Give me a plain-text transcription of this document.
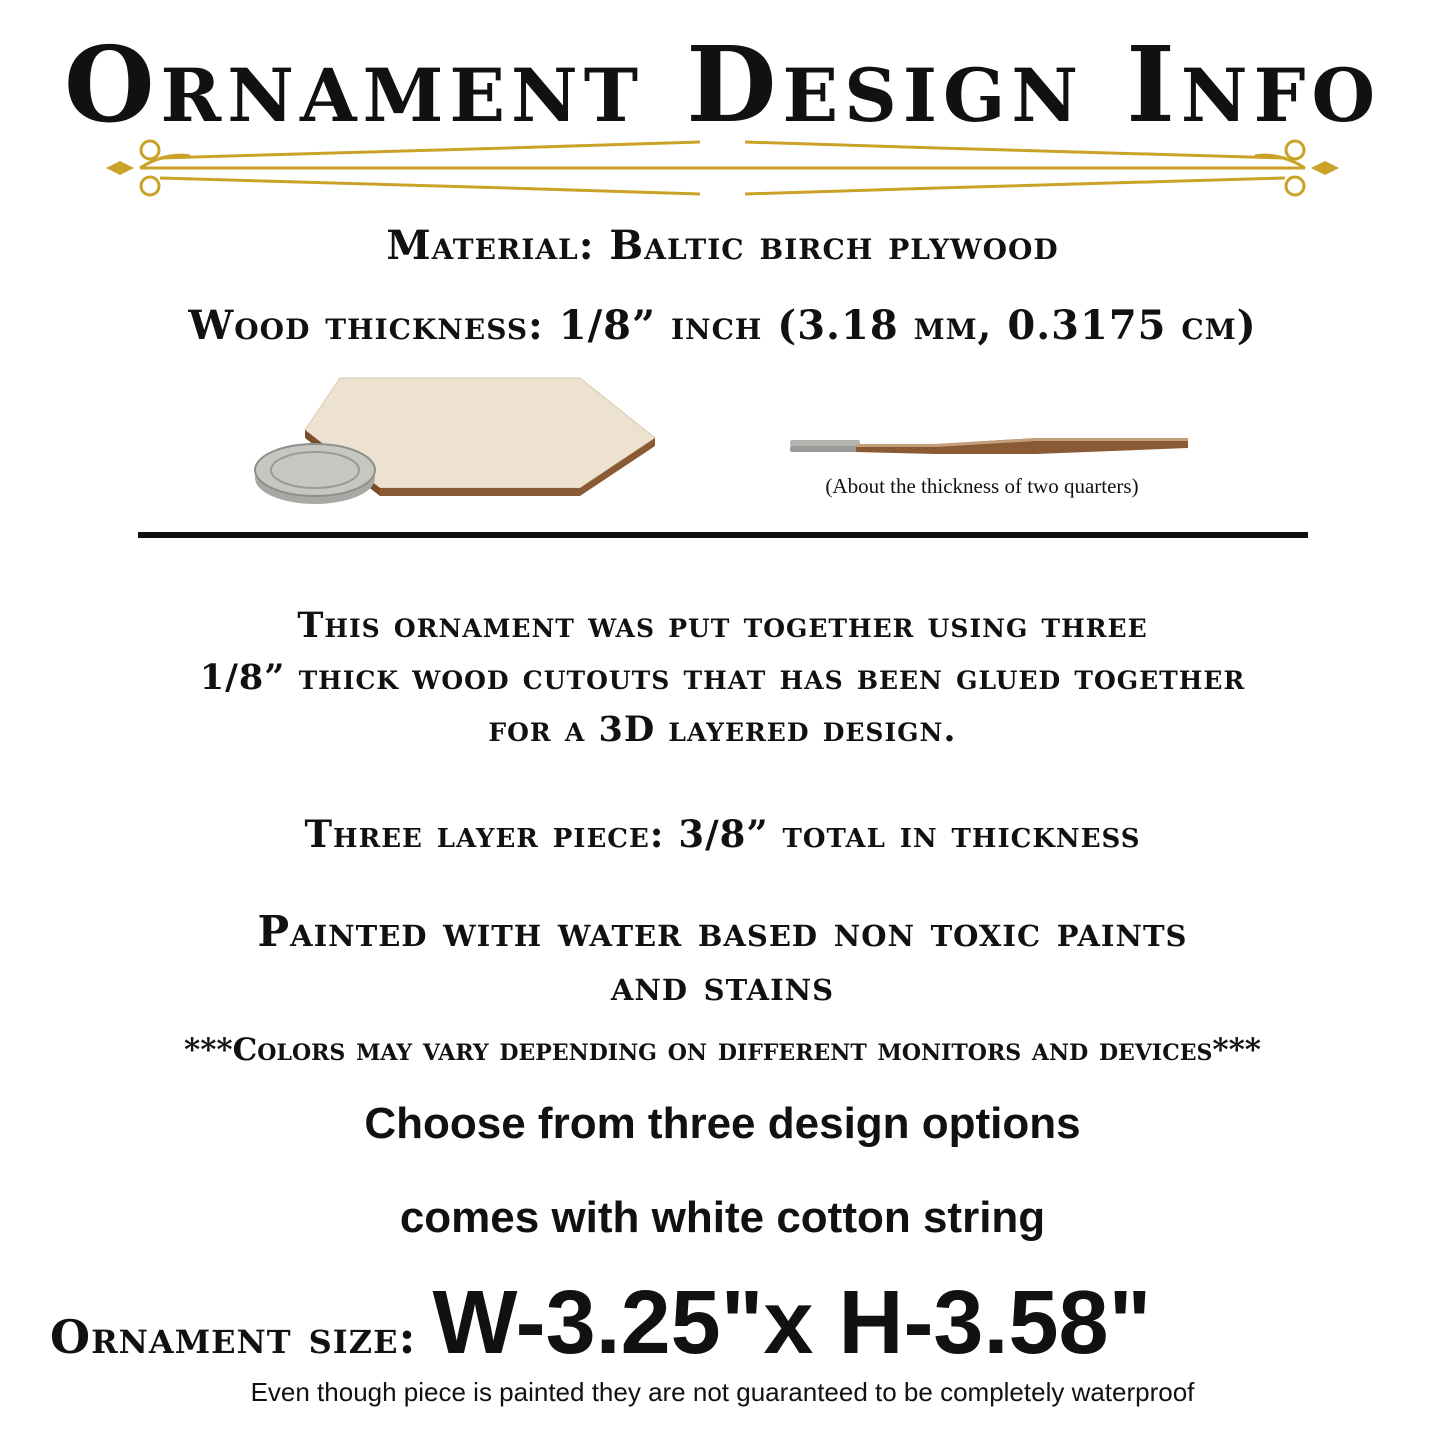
Ornament Design Info
Material: Baltic birch plywood
Wood thickness: 1/8” inch (3.18 mm, 0.3175 cm)
(About the thickness of two quarters)
This ornament was put together using three
1/8” thick wood cutouts that has been glued together
for a 3D layered design.
Three layer piece: 3/8” total in thickness
Painted with water based non toxic paints
and stains
***Colors may vary depending on different monitors and devices***
Choose from three design options
comes with white cotton string
Ornament size: W-3.25"x H-3.58"
Even though piece is painted they are not guaranteed to be completely waterproof
